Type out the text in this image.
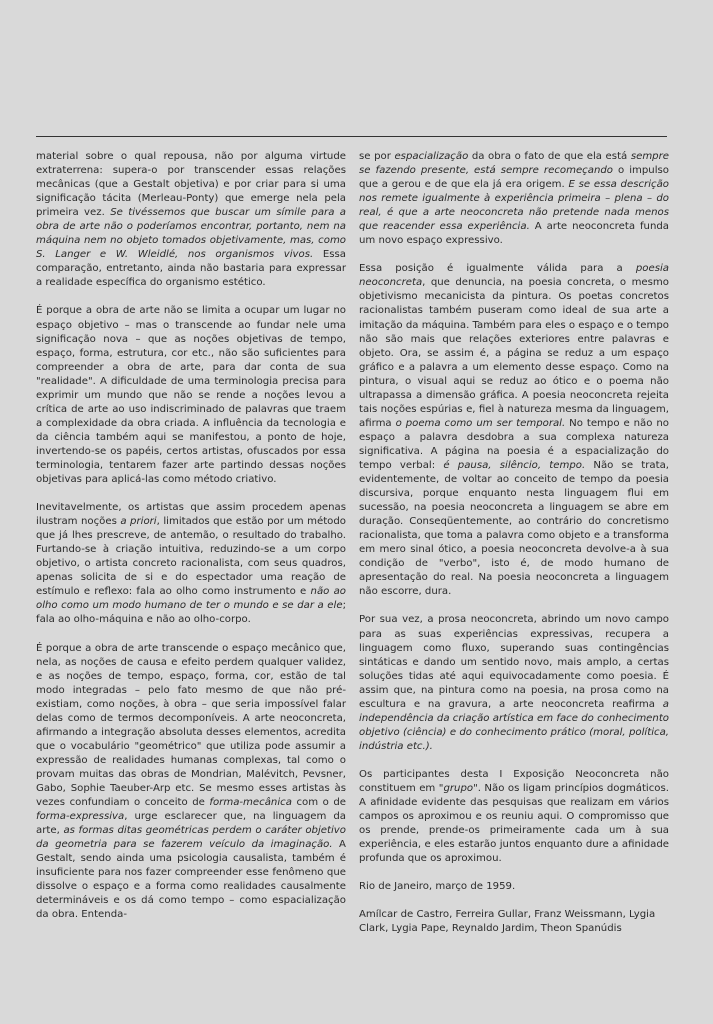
material sobre o qual repousa, não por alguma virtude extraterrena: supera-o por transcender essas relações mecânicas (que a Gestalt objetiva) e por criar para si uma significação tácita (Merleau-Ponty) que emerge nela pela primeira vez. Se tivéssemos que buscar um símile para a obra de arte não o poderíamos encontrar, portanto, nem na máquina nem no objeto tomados objetivamente, mas, como S. Langer e W. Wleidlé, nos organismos vivos. Essa comparação, entretanto, ainda não bastaria para expressar a realidade específica do organismo estético.

É porque a obra de arte não se limita a ocupar um lugar no espaço objetivo – mas o transcende ao fundar nele uma significação nova – que as noções objetivas de tempo, espaço, forma, estrutura, cor etc., não são suficientes para compreender a obra de arte, para dar conta de sua "realidade". A dificuldade de uma terminologia precisa para exprimir um mundo que não se rende a noções levou a crítica de arte ao uso indiscriminado de palavras que traem a complexidade da obra criada. A influência da tecnologia e da ciência também aqui se manifestou, a ponto de hoje, invertendo-se os papéis, certos artistas, ofuscados por essa terminologia, tentarem fazer arte partindo dessas noções objetivas para aplicá-las como método criativo.

Inevitavelmente, os artistas que assim procedem apenas ilustram noções a priori, limitados que estão por um método que já lhes prescreve, de antemão, o resultado do trabalho. Furtando-se à criação intuitiva, reduzindo-se a um corpo objetivo, o artista concreto racionalista, com seus quadros, apenas solicita de si e do espectador uma reação de estímulo e reflexo: fala ao olho como instrumento e não ao olho como um modo humano de ter o mundo e se dar a ele; fala ao olho-máquina e não ao olho-corpo.

É porque a obra de arte transcende o espaço mecânico que, nela, as noções de causa e efeito perdem qualquer validez, e as noções de tempo, espaço, forma, cor, estão de tal modo integradas – pelo fato mesmo de que não pré-existiam, como noções, à obra – que seria impossível falar delas como de termos decomponíveis. A arte neoconcreta, afirmando a integração absoluta desses elementos, acredita que o vocabulário "geométrico" que utiliza pode assumir a expressão de realidades humanas complexas, tal como o provam muitas das obras de Mondrian, Malévitch, Pevsner, Gabo, Sophie Taeuber-Arp etc. Se mesmo esses artistas às vezes confundiam o conceito de forma-mecânica com o de forma-expressiva, urge esclarecer que, na linguagem da arte, as formas ditas geométricas perdem o caráter objetivo da geometria para se fazerem veículo da imaginação. A Gestalt, sendo ainda uma psicologia causalista, também é insuficiente para nos fazer compreender esse fenômeno que dissolve o espaço e a forma como realidades causalmente determináveis e os dá como tempo – como espacialização da obra. Entenda-

se por espacialização da obra o fato de que ela está sempre se fazendo presente, está sempre recomeçando o impulso que a gerou e de que ela já era origem. E se essa descrição nos remete igualmente à experiência primeira – plena – do real, é que a arte neoconcreta não pretende nada menos que reacender essa experiência. A arte neoconcreta funda um novo espaço expressivo.

Essa posição é igualmente válida para a poesia neoconcreta, que denuncia, na poesia concreta, o mesmo objetivismo mecanicista da pintura. Os poetas concretos racionalistas também puseram como ideal de sua arte a imitação da máquina. Também para eles o espaço e o tempo não são mais que relações exteriores entre palavras e objeto. Ora, se assim é, a página se reduz a um espaço gráfico e a palavra a um elemento desse espaço. Como na pintura, o visual aqui se reduz ao ótico e o poema não ultrapassa a dimensão gráfica. A poesia neoconcreta rejeita tais noções espúrias e, fiel à natureza mesma da linguagem, afirma o poema como um ser temporal. No tempo e não no espaço a palavra desdobra a sua complexa natureza significativa. A página na poesia é a espacialização do tempo verbal: é pausa, silêncio, tempo. Não se trata, evidentemente, de voltar ao conceito de tempo da poesia discursiva, porque enquanto nesta linguagem flui em sucessão, na poesia neoconcreta a linguagem se abre em duração. Conseqüentemente, ao contrário do concretismo racionalista, que toma a palavra como objeto e a transforma em mero sinal ótico, a poesia neoconcreta devolve-a à sua condição de "verbo", isto é, de modo humano de apresentação do real. Na poesia neoconcreta a linguagem não escorre, dura.

Por sua vez, a prosa neoconcreta, abrindo um novo campo para as suas experiências expressivas, recupera a linguagem como fluxo, superando suas contingências sintáticas e dando um sentido novo, mais amplo, a certas soluções tidas até aqui equivocadamente como poesia. É assim que, na pintura como na poesia, na prosa como na escultura e na gravura, a arte neoconcreta reafirma a independência da criação artística em face do conhecimento objetivo (ciência) e do conhecimento prático (moral, política, indústria etc.).

Os participantes desta I Exposição Neoconcreta não constituem em "grupo". Não os ligam princípios dogmáticos. A afinidade evidente das pesquisas que realizam em vários campos os aproximou e os reuniu aqui. O compromisso que os prende, prende-os primeiramente cada um à sua experiência, e eles estarão juntos enquanto dure a afinidade profunda que os aproximou.

Rio de Janeiro, março de 1959.

Amílcar de Castro, Ferreira Gullar, Franz Weissmann, Lygia Clark, Lygia Pape, Reynaldo Jardim, Theon Spanúdis
